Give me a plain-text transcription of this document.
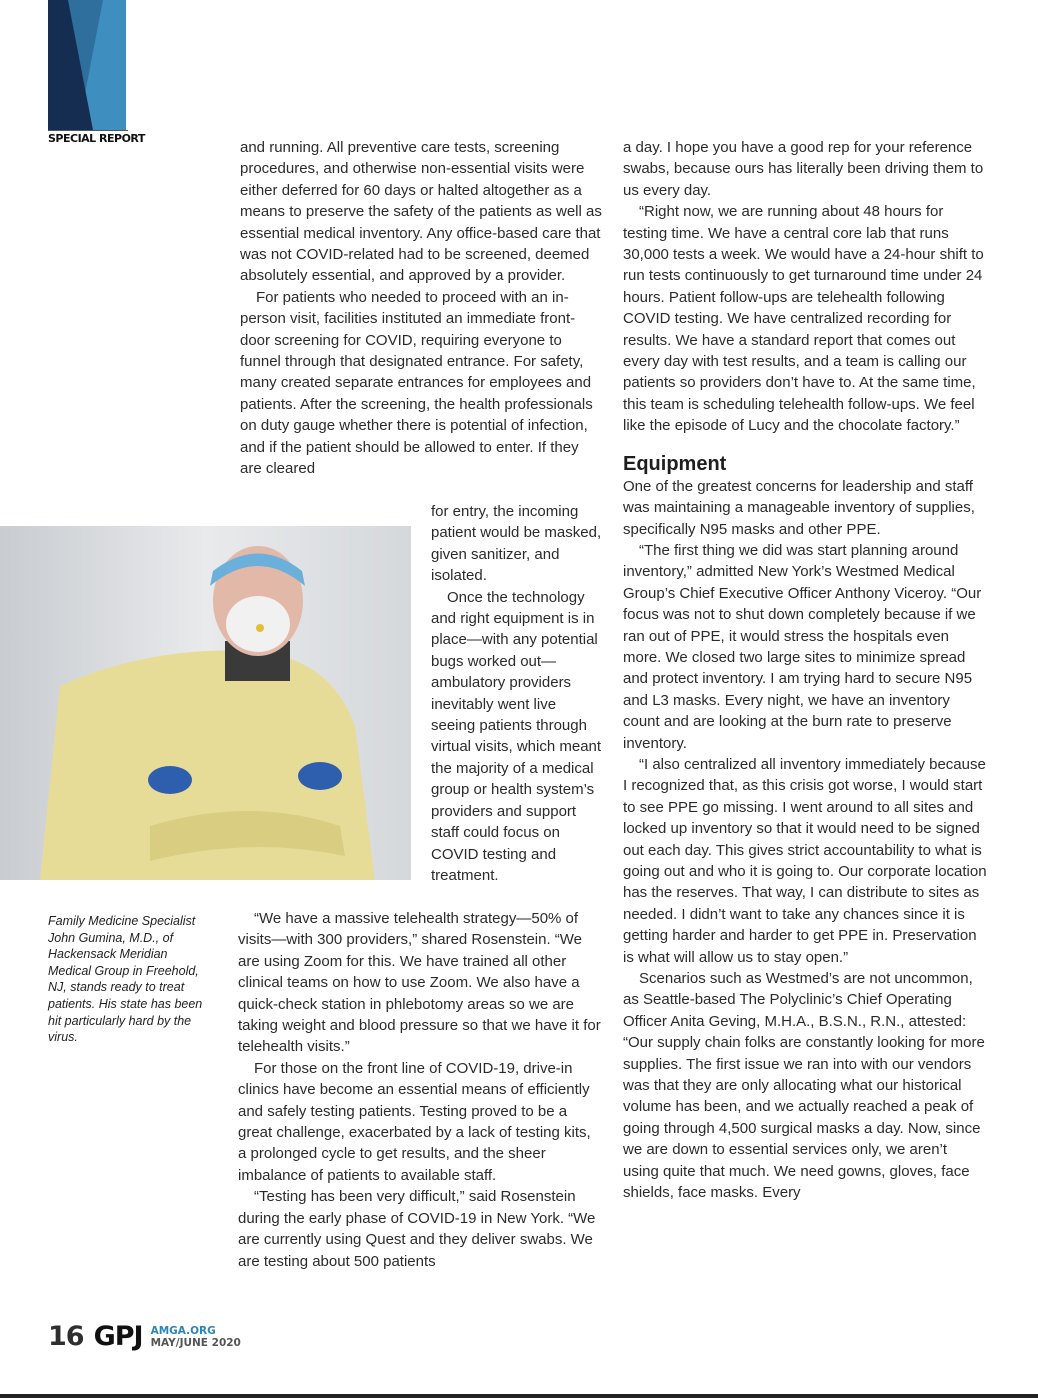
SPECIAL REPORT

and running. All preventive care tests, screening procedures, and otherwise non-essential visits were either deferred for 60 days or halted altogether as a means to preserve the safety of the patients as well as essential medical inventory. Any office-based care that was not COVID-related had to be screened, deemed absolutely essential, and approved by a provider.

For patients who needed to proceed with an in-person visit, facilities instituted an immediate front-door screening for COVID, requiring everyone to funnel through that designated entrance. For safety, many created separate entrances for employees and patients. After the screening, the health professionals on duty gauge whether there is potential of infection, and if the patient should be allowed to enter. If they are cleared

for entry, the incoming patient would be masked, given sanitizer, and isolated.

Once the technology and right equipment is in place—with any potential bugs worked out—ambulatory providers inevitably went live seeing patients through virtual visits, which meant the majority of a medical group or health system’s providers and support staff could focus on COVID testing and treatment.

Family Medicine Specialist John Gumina, M.D., of Hackensack Meridian Medical Group in Freehold, NJ, stands ready to treat patients. His state has been hit particularly hard by the virus.

“We have a massive telehealth strategy—50% of visits—with 300 providers,” shared Rosenstein. “We are using Zoom for this. We have trained all other clinical teams on how to use Zoom. We also have a quick-check station in phlebotomy areas so we are taking weight and blood pressure so that we have it for telehealth visits.”

For those on the front line of COVID-19, drive-in clinics have become an essential means of efficiently and safely testing patients. Testing proved to be a great challenge, exacerbated by a lack of testing kits, a prolonged cycle to get results, and the sheer imbalance of patients to available staff.

“Testing has been very difficult,” said Rosenstein during the early phase of COVID-19 in New York. “We are currently using Quest and they deliver swabs. We are testing about 500 patients

a day. I hope you have a good rep for your reference swabs, because ours has literally been driving them to us every day.

“Right now, we are running about 48 hours for testing time. We have a central core lab that runs 30,000 tests a week. We would have a 24-hour shift to run tests continuously to get turnaround time under 24 hours. Patient follow-ups are telehealth following COVID testing. We have centralized recording for results. We have a standard report that comes out every day with test results, and a team is calling our patients so providers don’t have to. At the same time, this team is scheduling telehealth follow-ups. We feel like the episode of Lucy and the chocolate factory.”

Equipment

One of the greatest concerns for leadership and staff was maintaining a manageable inventory of supplies, specifically N95 masks and other PPE.

“The first thing we did was start planning around inventory,” admitted New York’s Westmed Medical Group’s Chief Executive Officer Anthony Viceroy. “Our focus was not to shut down completely because if we ran out of PPE, it would stress the hospitals even more. We closed two large sites to minimize spread and protect inventory. I am trying hard to secure N95 and L3 masks. Every night, we have an inventory count and are looking at the burn rate to preserve inventory.

“I also centralized all inventory immediately because I recognized that, as this crisis got worse, I would start to see PPE go missing. I went around to all sites and locked up inventory so that it would need to be signed out each day. This gives strict accountability to what is going out and who it is going to. Our corporate location has the reserves. That way, I can distribute to sites as needed. I didn’t want to take any chances since it is getting harder and harder to get PPE in. Preservation is what will allow us to stay open.”

Scenarios such as Westmed’s are not uncommon, as Seattle-based The Polyclinic’s Chief Operating Officer Anita Geving, M.H.A., B.S.N., R.N., attested: “Our supply chain folks are constantly looking for more supplies. The first issue we ran into with our vendors was that they are only allocating what our historical volume has been, and we actually reached a peak of going through 4,500 surgical masks a day. Now, since we are down to essential services only, we aren’t using quite that much. We need gowns, gloves, face shields, face masks. Every

16 GPJ AMGA.ORG
MAY/JUNE 2020
